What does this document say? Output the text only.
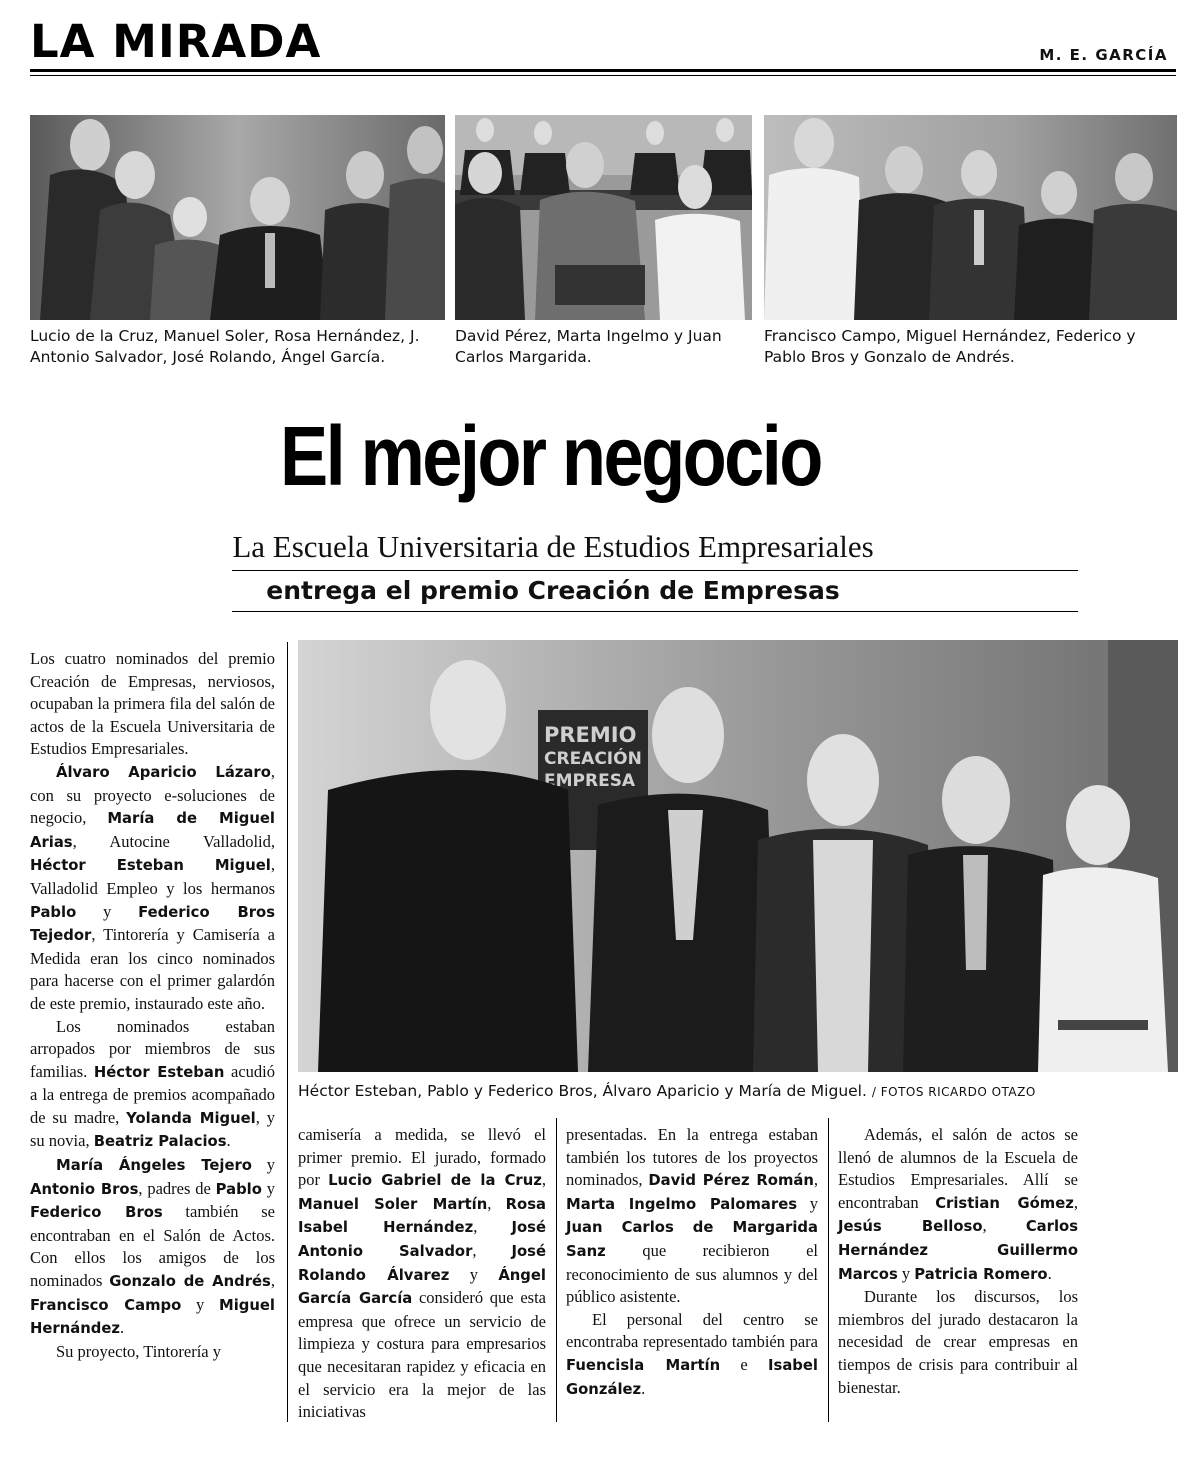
LA MIRADA	M. E. GARCÍA
Lucio de la Cruz, Manuel Soler, Rosa Hernández, J. Antonio Salvador, José Rolando, Ángel García.
David Pérez, Marta Ingelmo y Juan Carlos Margarida.
Francisco Campo, Miguel Hernández, Federico y Pablo Bros y Gonzalo de Andrés.
El mejor negocio
La Escuela Universitaria de Estudios Empresariales
entrega el premio Creación de Empresas
PREMIO
CREACIÓN
EMPRESA
Héctor Esteban, Pablo y Federico Bros, Álvaro Aparicio y María de Miguel. / FOTOS RICARDO OTAZO

Los cuatro nominados del premio Creación de Empresas, nerviosos, ocupaban la primera fila del salón de actos de la Escuela Universitaria de Estudios Empresariales.

Álvaro Aparicio Lázaro, con su proyecto e-soluciones de negocio, María de Miguel Arias, Autocine Valladolid, Héctor Esteban Miguel, Valladolid Empleo y los hermanos Pablo y Federico Bros Tejedor, Tintorería y Camisería a Medida eran los cinco nominados para hacerse con el primer galardón de este premio, instaurado este año.

Los nominados estaban arropados por miembros de sus familias. Héctor Esteban acudió a la entrega de premios acompañado de su madre, Yolanda Miguel, y su novia, Beatriz Palacios.

María Ángeles Tejero y Antonio Bros, padres de Pablo y Federico Bros también se encontraban en el Salón de Actos. Con ellos los amigos de los nominados Gonzalo de Andrés, Francisco Campo y Miguel Hernández.

Su proyecto, Tintorería y

camisería a medida, se llevó el primer premio. El jurado, formado por Lucio Gabriel de la Cruz, Manuel Soler Martín, Rosa Isabel Hernández, José Antonio Salvador, José Rolando Álvarez y Ángel García García consideró que esta empresa que ofrece un servicio de limpieza y costura para empresarios que necesitaran rapidez y eficacia en el servicio era la mejor de las iniciativas

presentadas. En la entrega estaban también los tutores de los proyectos nominados, David Pérez Román, Marta Ingelmo Palomares y Juan Carlos de Margarida Sanz que recibieron el reconocimiento de sus alumnos y del público asistente.

El personal del centro se encontraba representado también para Fuencisla Martín e Isabel González.

Además, el salón de actos se llenó de alumnos de la Escuela de Estudios Empresariales. Allí se encontraban Cristian Gómez, Jesús Belloso, Carlos Hernández Guillermo Marcos y Patricia Romero.

Durante los discursos, los miembros del jurado destacaron la necesidad de crear empresas en tiempos de crisis para contribuir al bienestar.
